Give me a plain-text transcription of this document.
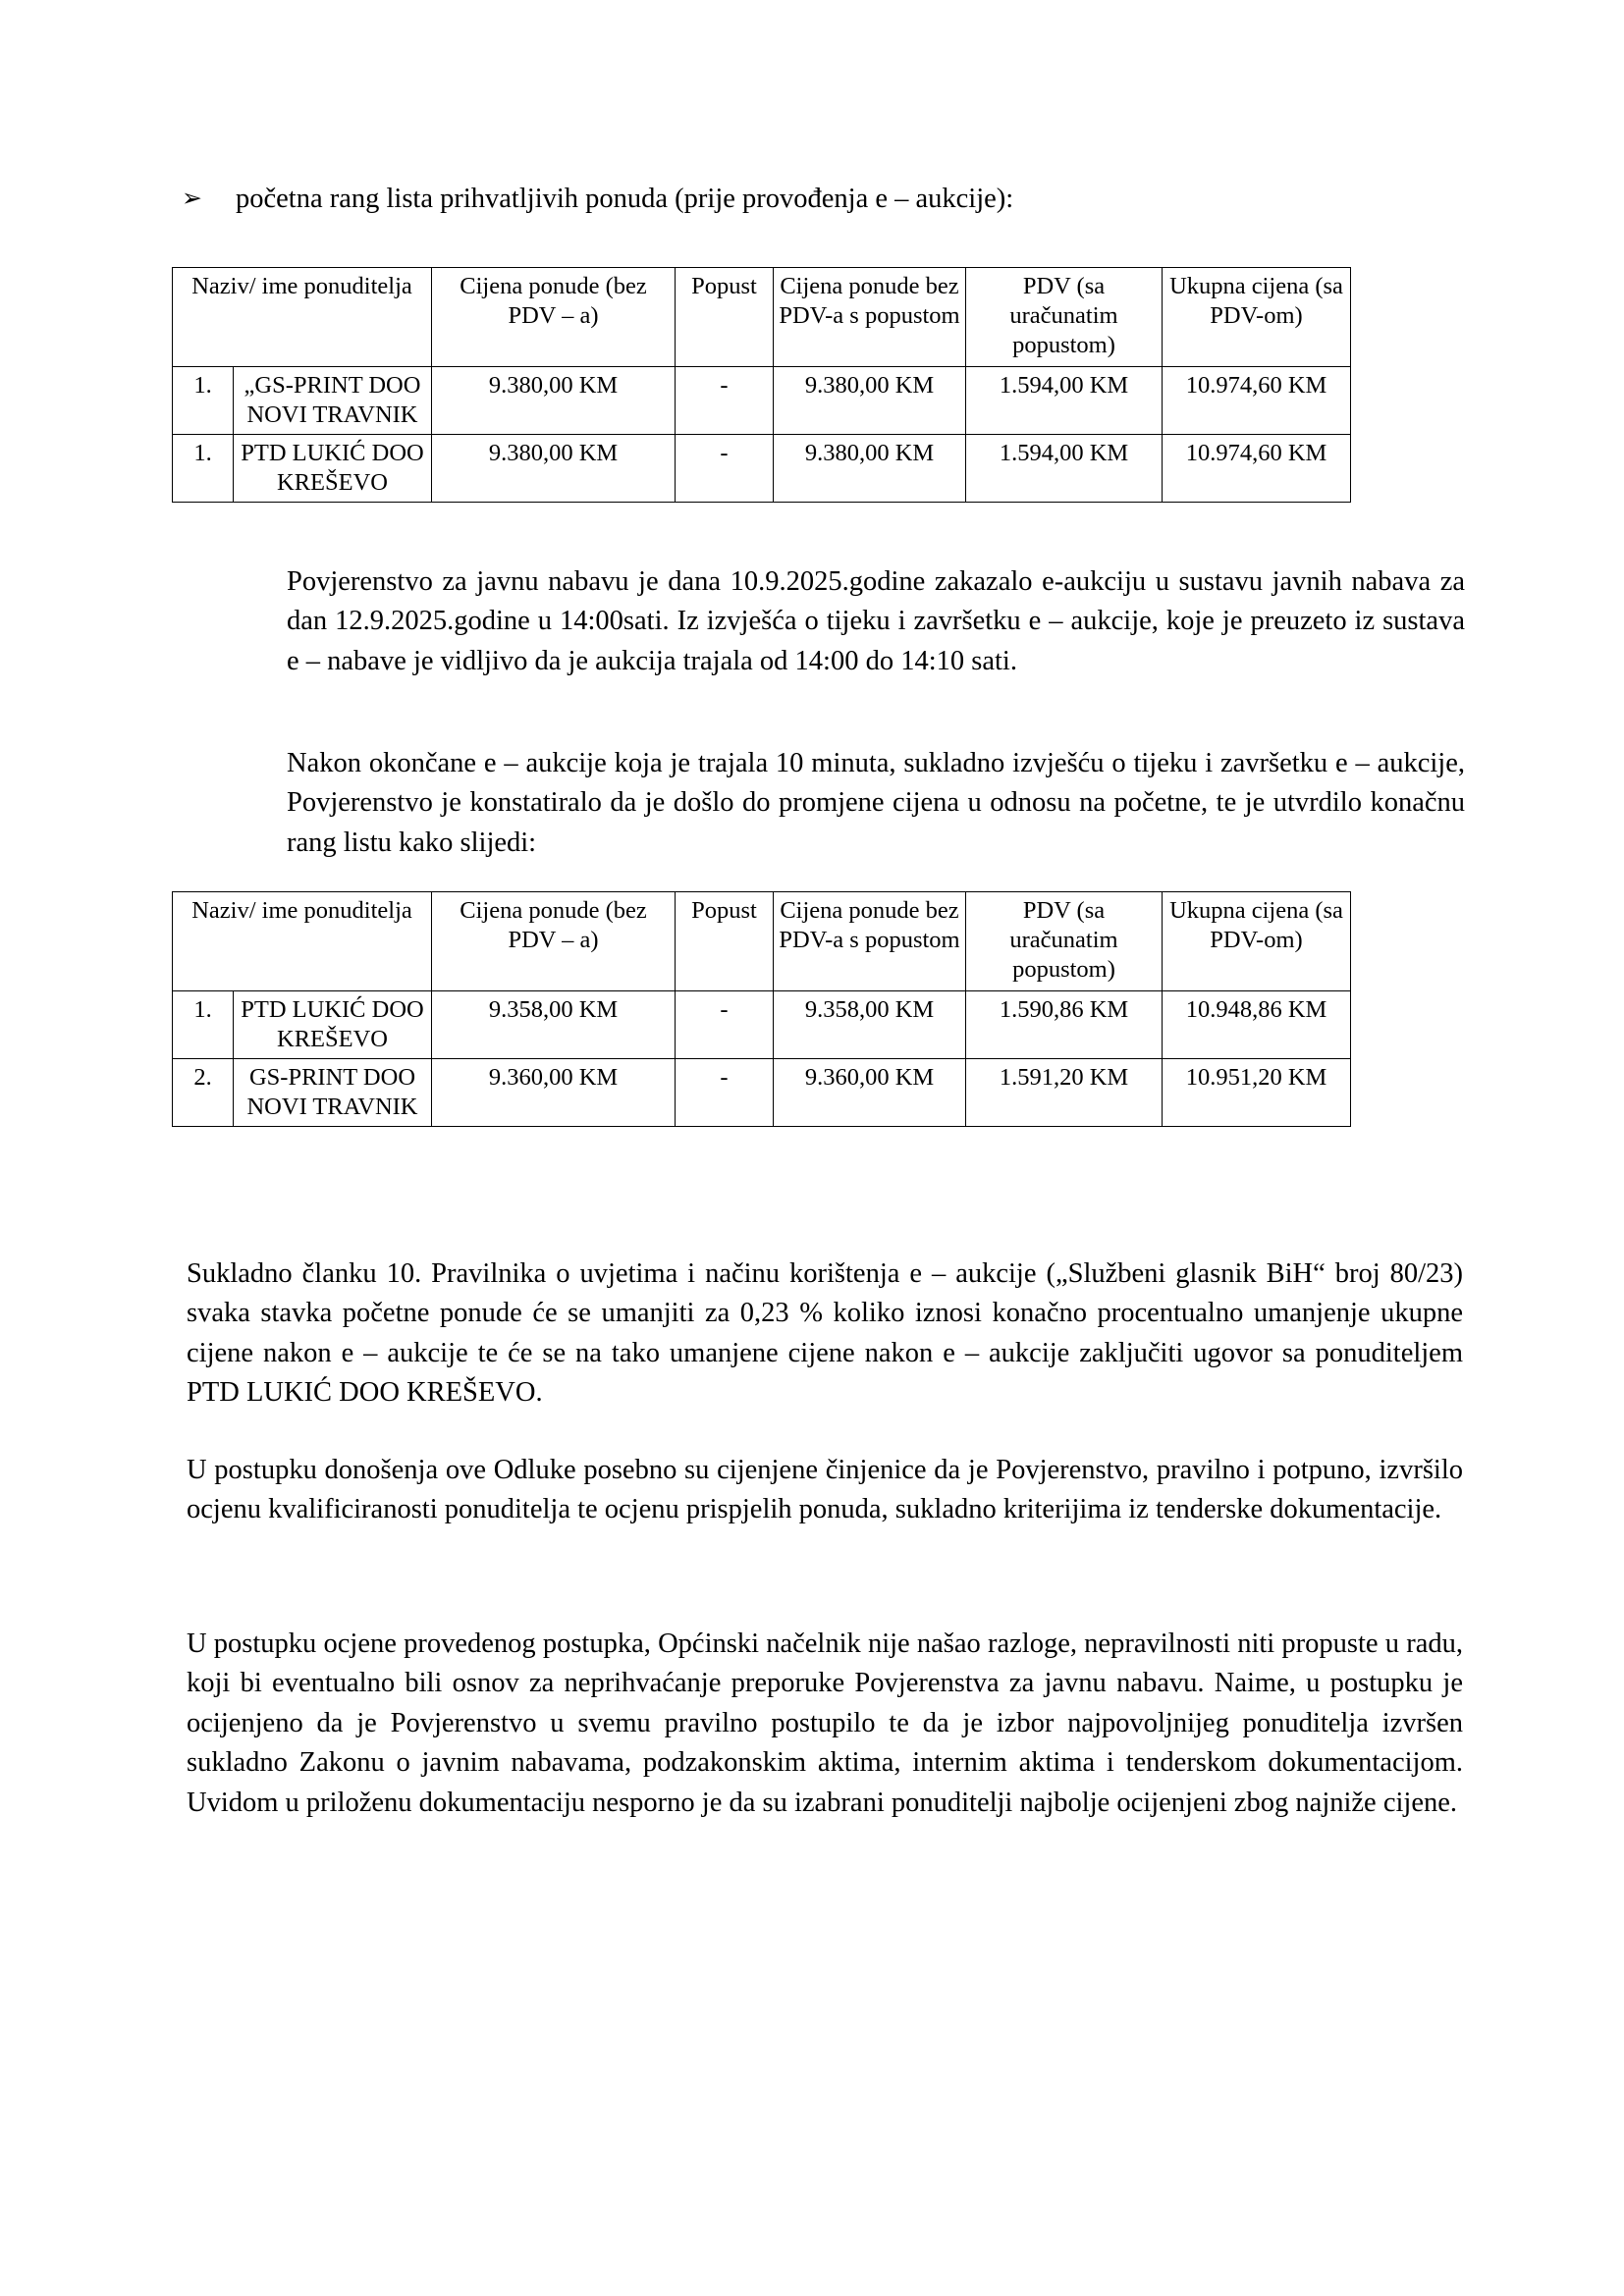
➢ početna rang lista prihvatljivih ponuda (prije provođenja e – aukcije):
Naziv/ ime ponuditelja		Cijena ponude (bez PDV – a)	Popust	Cijena ponude bez PDV-a s popustom	PDV (sa uračunatim popustom)	Ukupna cijena (sa PDV-om)
1.	„GS-PRINT DOO
NOVI TRAVNIK	9.380,00 KM	-	9.380,00 KM	1.594,00 KM	10.974,60 KM
1.	PTD LUKIĆ DOO
KREŠEVO	9.380,00 KM	-	9.380,00 KM	1.594,00 KM	10.974,60 KM
Povjerenstvo za javnu nabavu je dana 10.9.2025.godine zakazalo e-aukciju u sustavu javnih nabava za dan 12.9.2025.godine u 14:00sati. Iz izvješća o tijeku i završetku e – aukcije, koje je preuzeto iz sustava e – nabave je vidljivo da je aukcija trajala od 14:00 do 14:10 sati.
Nakon okončane e – aukcije koja je trajala 10 minuta, sukladno izvješću o tijeku i završetku e – aukcije, Povjerenstvo je konstatiralo da je došlo do promjene cijena u odnosu na početne, te je utvrdilo konačnu rang listu kako slijedi:
Naziv/ ime ponuditelja		Cijena ponude (bez PDV – a)	Popust	Cijena ponude bez PDV-a s popustom	PDV (sa uračunatim popustom)	Ukupna cijena (sa PDV-om)
1.	PTD LUKIĆ DOO
KREŠEVO	9.358,00 KM	-	9.358,00 KM	1.590,86 KM	10.948,86 KM
2.	GS-PRINT DOO
NOVI TRAVNIK	9.360,00 KM	-	9.360,00 KM	1.591,20 KM	10.951,20 KM
Sukladno članku 10. Pravilnika o uvjetima i načinu korištenja e – aukcije („Službeni glasnik BiH“ broj 80/23) svaka stavka početne ponude će se umanjiti za 0,23 % koliko iznosi konačno procentualno umanjenje ukupne cijene nakon e – aukcije te će se na tako umanjene cijene nakon e – aukcije zaključiti ugovor sa ponuditeljem PTD LUKIĆ DOO KREŠEVO.
U postupku donošenja ove Odluke posebno su cijenjene činjenice da je Povjerenstvo, pravilno i potpuno, izvršilo ocjenu kvalificiranosti ponuditelja te ocjenu prispjelih ponuda, sukladno kriterijima iz tenderske dokumentacije.
U postupku ocjene provedenog postupka, Općinski načelnik nije našao razloge, nepravilnosti niti propuste u radu, koji bi eventualno bili osnov za neprihvaćanje preporuke Povjerenstva za javnu nabavu. Naime, u postupku je ocijenjeno da je Povjerenstvo u svemu pravilno postupilo te da je izbor najpovoljnijeg ponuditelja izvršen sukladno Zakonu o javnim nabavama, podzakonskim aktima, internim aktima i tenderskom dokumentacijom. Uvidom u priloženu dokumentaciju nesporno je da su izabrani ponuditelji najbolje ocijenjeni zbog najniže cijene.
